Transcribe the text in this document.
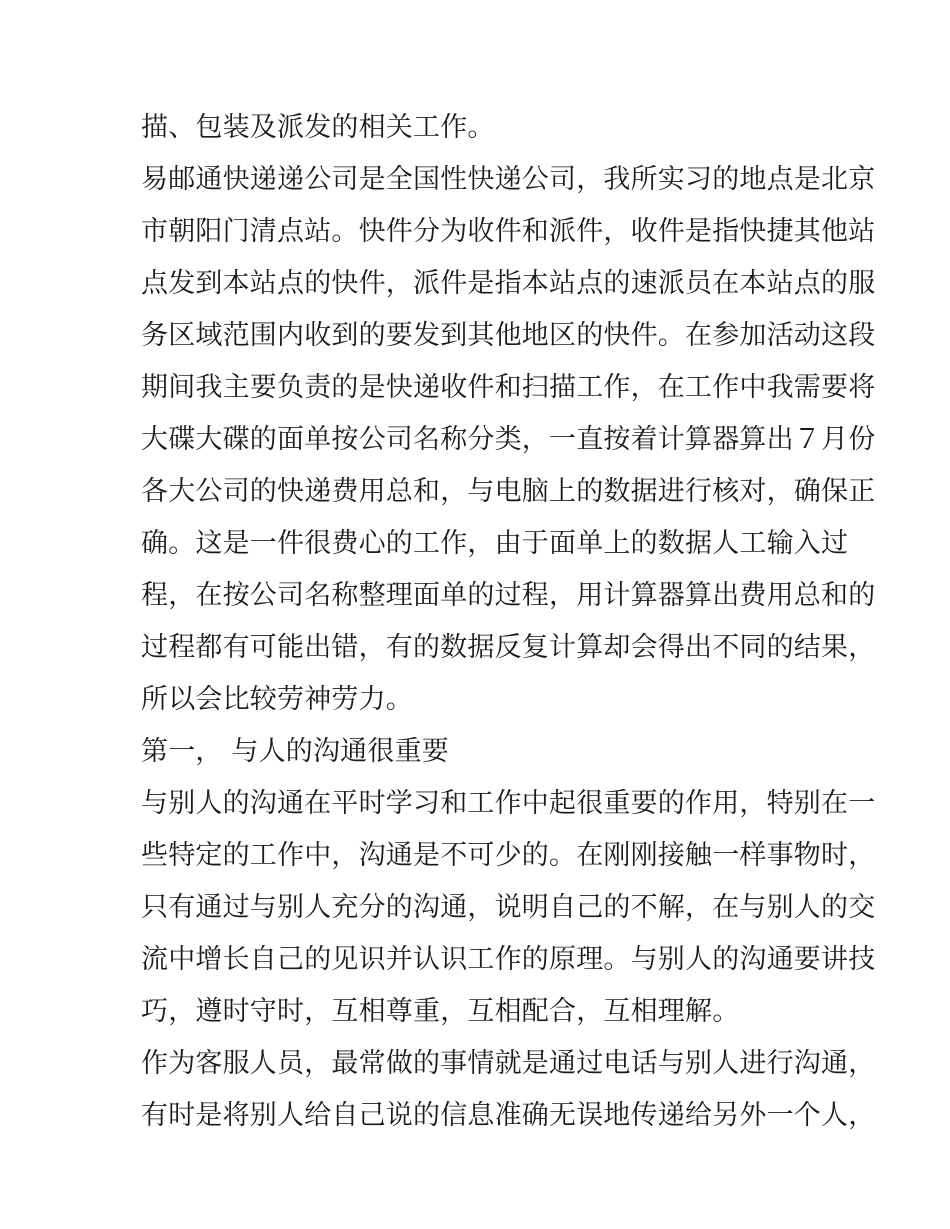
描、包装及派发的相关工作。
易邮通快递递公司是全国性快递公司，我所实习的地点是北京
市朝阳门清点站。快件分为收件和派件，收件是指快捷其他站
点发到本站点的快件，派件是指本站点的速派员在本站点的服
务区域范围内收到的要发到其他地区的快件。在参加活动这段
期间我主要负责的是快递收件和扫描工作，在工作中我需要将
大碟大碟的面单按公司名称分类，一直按着计算器算出７月份
各大公司的快递费用总和，与电脑上的数据进行核对，确保正
确。这是一件很费心的工作，由于面单上的数据人工输入过
程，在按公司名称整理面单的过程，用计算器算出费用总和的
过程都有可能出错，有的数据反复计算却会得出不同的结果，
所以会比较劳神劳力。
第一， 与人的沟通很重要
与别人的沟通在平时学习和工作中起很重要的作用，特别在一
些特定的工作中，沟通是不可少的。在刚刚接触一样事物时，
只有通过与别人充分的沟通，说明自己的不解，在与别人的交
流中增长自己的见识并认识工作的原理。与别人的沟通要讲技
巧，遵时守时，互相尊重，互相配合，互相理解。
作为客服人员，最常做的事情就是通过电话与别人进行沟通，
有时是将别人给自己说的信息准确无误地传递给另外一个人，
